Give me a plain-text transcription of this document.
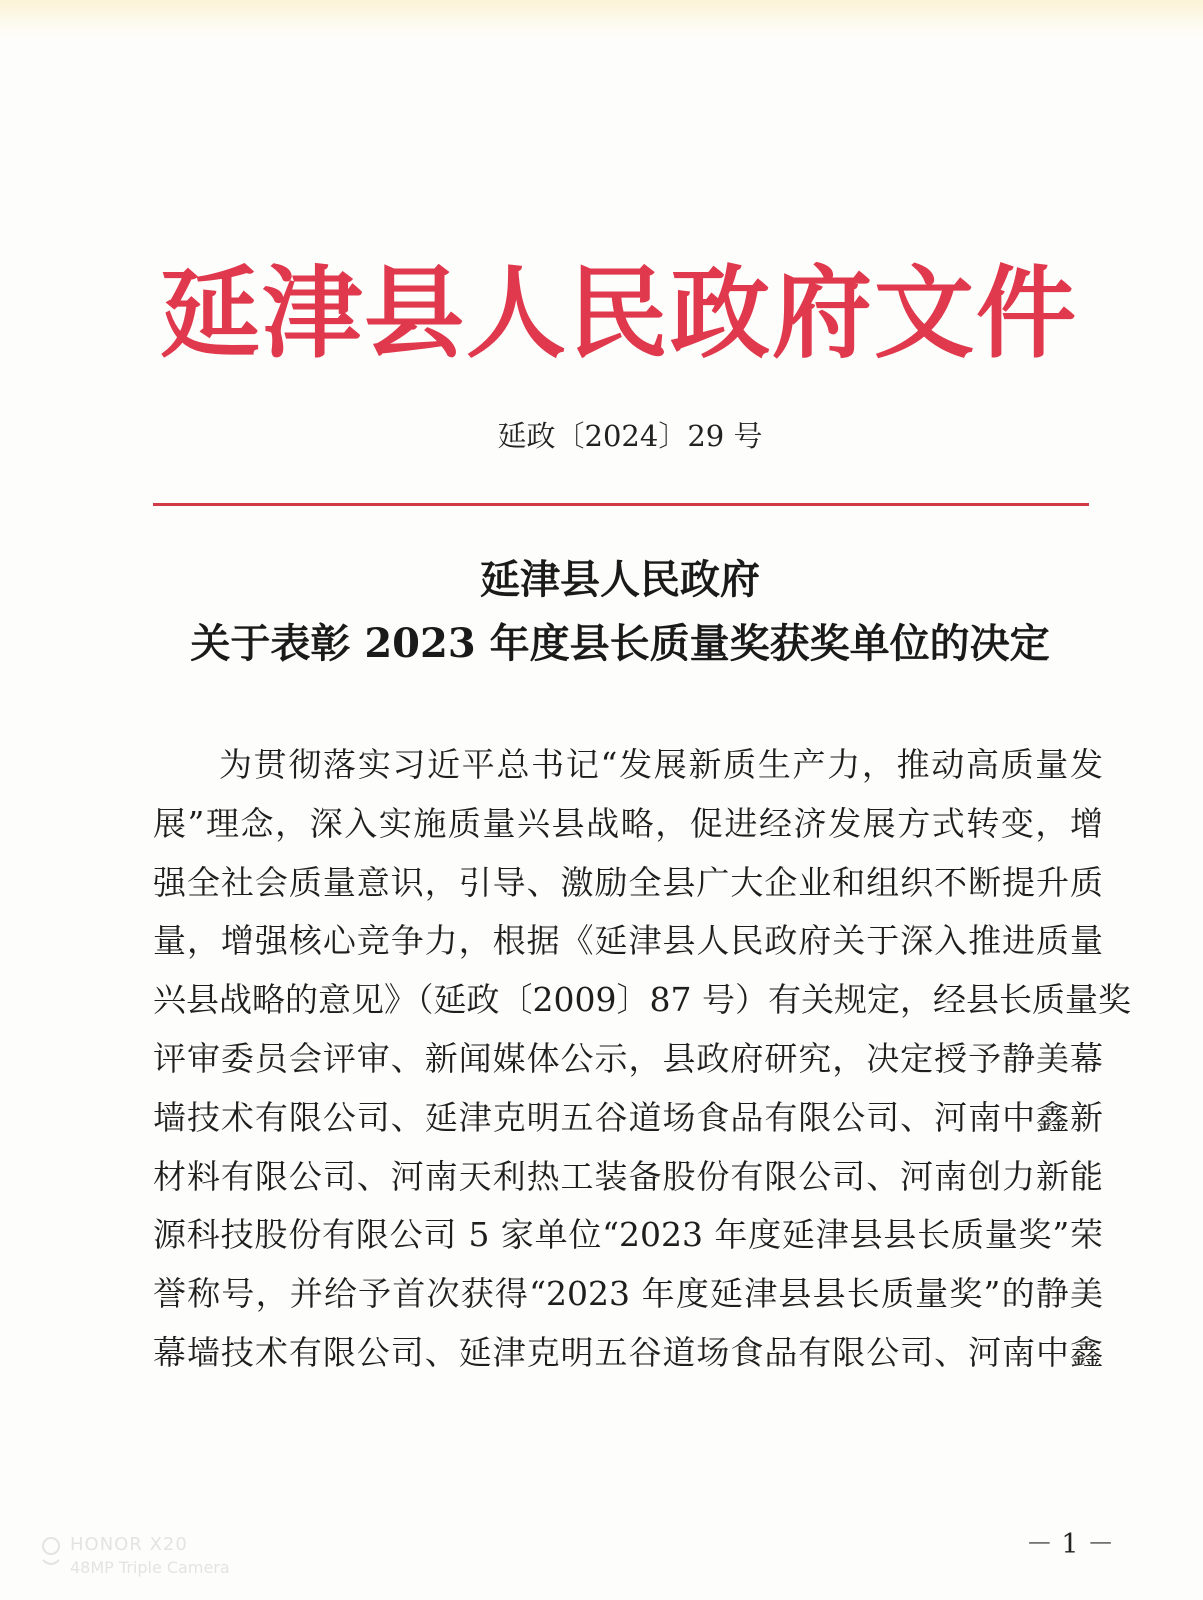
延津县人民政府文件
延政〔2024〕29 号
延津县人民政府
关于表彰 2023 年度县长质量奖获奖单位的决定
为贯彻落实习近平总书记“发展新质生产力，推动高质量发
展”理念，深入实施质量兴县战略，促进经济发展方式转变，增
强全社会质量意识，引导、激励全县广大企业和组织不断提升质
量，增强核心竞争力，根据《延津县人民政府关于深入推进质量
兴县战略的意见》（延政〔2009〕87 号）有关规定，经县长质量奖
评审委员会评审、新闻媒体公示，县政府研究，决定授予静美幕
墙技术有限公司、延津克明五谷道场食品有限公司、河南中鑫新
材料有限公司、河南天利热工装备股份有限公司、河南创力新能
源科技股份有限公司 5 家单位“2023 年度延津县县长质量奖”荣
誉称号，并给予首次获得“2023 年度延津县县长质量奖”的静美
幕墙技术有限公司、延津克明五谷道场食品有限公司、河南中鑫
－ 1 －
HONOR X20
48MP Triple Camera
